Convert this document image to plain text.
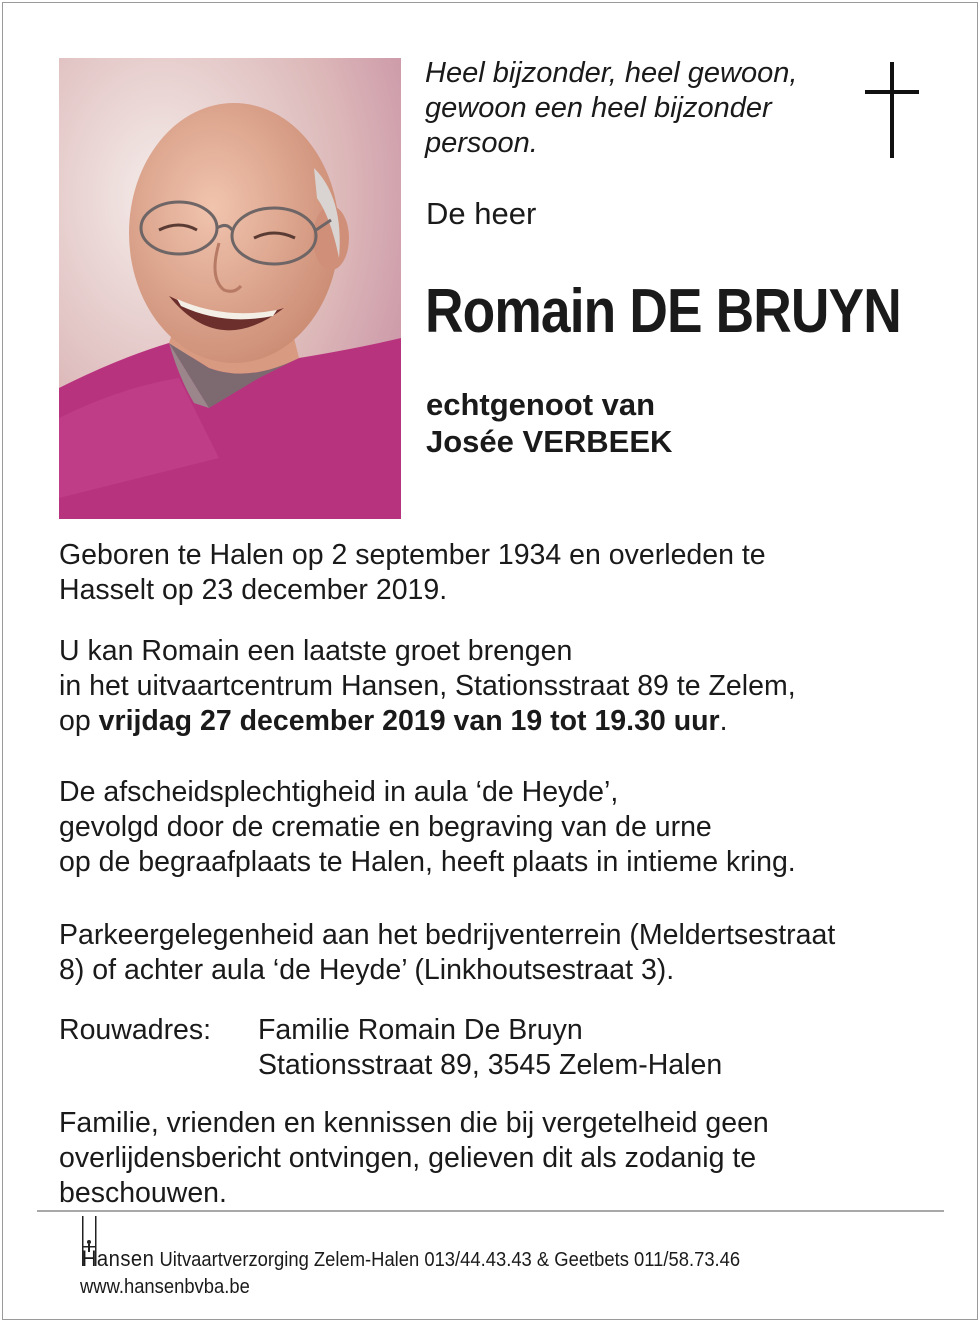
Heel bijzonder, heel gewoon,
gewoon een heel bijzonder
persoon.
De heer
Romain DE BRUYN
echtgenoot van
Josée VERBEEK
Geboren te Halen op 2 september 1934 en overleden te
Hasselt op 23 december 2019.
U kan Romain een laatste groet brengen
in het uitvaartcentrum Hansen, Stationsstraat 89 te Zelem,
op vrijdag 27 december 2019 van 19 tot 19.30 uur.
De afscheidsplechtigheid in aula ‘de Heyde’,
gevolgd door de crematie en begraving van de urne
op de begraafplaats te Halen, heeft plaats in intieme kring.
Parkeergelegenheid aan het bedrijventerrein (Meldertsestraat
8) of achter aula ‘de Heyde’ (Linkhoutsestraat 3).
Rouwadres: Familie Romain De Bruyn
Stationsstraat 89, 3545 Zelem-Halen
Familie, vrienden en kennissen die bij vergetelheid geen
overlijdensbericht ontvingen, gelieven dit als zodanig te
beschouwen.
Hansen Uitvaartverzorging Zelem-Halen 013/44.43.43 & Geetbets 011/58.73.46
www.hansenbvba.be
